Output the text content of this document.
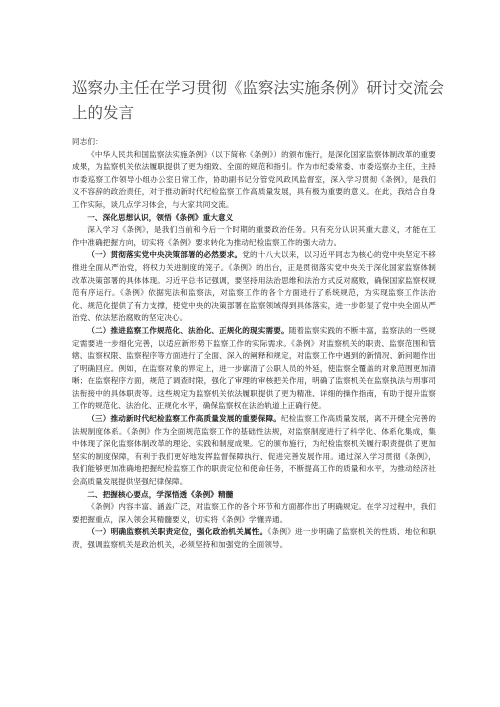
巡察办主任在学习贯彻《监察法实施条例》研讨交流会上的发言

同志们：

《中华人民共和国监察法实施条例》（以下简称《条例》）的颁布施行，是深化国家监察体制改革的重要成果，为监察机关依法履职提供了更为细致、全面的规范和指引。作为市纪委常委、市委巡察办主任，主持市委巡察工作领导小组办公室日常工作，协助副书记分管党风政风监督室，深入学习贯彻《条例》，是我们义不容辞的政治责任，对于推动新时代纪检监察工作高质量发展，具有极为重要的意义。在此，我结合自身工作实际，谈几点学习体会，与大家共同交流。

一、深化思想认识，领悟《条例》重大意义

深入学习《条例》，是我们当前和今后一个时期的重要政治任务。只有充分认识其重大意义，才能在工作中准确把握方向，切实将《条例》要求转化为推动纪检监察工作的强大动力。

（一）贯彻落实党中央决策部署的必然要求。党的十八大以来，以习近平同志为核心的党中央坚定不移推进全面从严治党，将权力关进制度的笼子。《条例》的出台，正是贯彻落实党中央关于深化国家监察体制改革决策部署的具体体现。习近平总书记强调，要坚持用法治思维和法治方式反对腐败，确保国家监察权规范有序运行。《条例》依据宪法和监察法，对监察工作的各个方面进行了系统规范，为实现监察工作法治化、规范化提供了有力支撑，使党中央的决策部署在监察领域得到具体落实，进一步彰显了党中央全面从严治党、依法惩治腐败的坚定决心。

（二）推进监察工作规范化、法治化、正规化的现实需要。随着监察实践的不断丰富，监察法的一些规定需要进一步细化完善，以适应新形势下监察工作的实际需求。《条例》对监察机关的职责、监察范围和管辖、监察权限、监察程序等方面进行了全面、深入的阐释和规定，对监察工作中遇到的新情况、新问题作出了明确回应。例如，在监察对象的界定上，进一步廓清了公职人员的外延，使监察全覆盖的对象范围更加清晰；在监察程序方面，规范了调查时限，强化了审理的审核把关作用，明确了监察机关在监察执法与刑事司法衔接中的具体职责等。这些规定为监察机关依法履职提供了更为精准、详细的操作指南，有助于提升监察工作的规范化、法治化、正规化水平，确保监察权在法治轨道上正确行使。

（三）推动新时代纪检监察工作高质量发展的重要保障。纪检监察工作高质量发展，离不开健全完善的法规制度体系。《条例》作为全面规范监察工作的基础性法规，对监察制度进行了科学化、体系化集成，集中体现了深化监察体制改革的理论、实践和制度成果。它的颁布施行，为纪检监察机关履行职责提供了更加坚实的制度保障，有利于我们更好地发挥监督保障执行、促进完善发展作用。通过深入学习贯彻《条例》，我们能够更加准确地把握纪检监察工作的职责定位和使命任务，不断提高工作的质量和水平，为推动经济社会高质量发展提供坚强纪律保障。

二、把握核心要点，学深悟透《条例》精髓

《条例》内容丰富、涵盖广泛，对监察工作的各个环节和方面都作出了明确规定。在学习过程中，我们要把握重点，深入领会其精髓要义，切实将《条例》学懂弄通。

（一）明确监察机关职责定位，强化政治机关属性。《条例》进一步明确了监察机关的性质、地位和职责，强调监察机关是政治机关，必须坚持和加强党的全面领导。
